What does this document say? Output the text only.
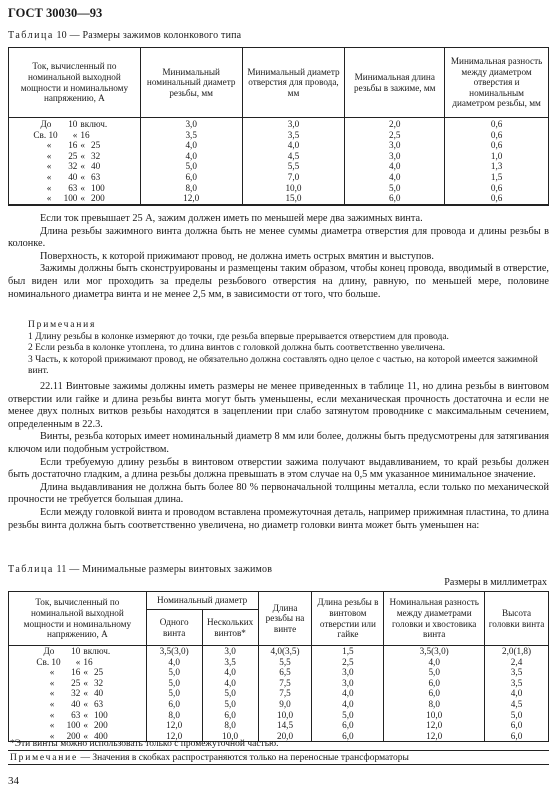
ГОСТ 30030—93
Таблица 10 — Размеры зажимов колонкового типа
Ток, вычисленный по номинальной выходной мощности и номинальному напряжению, А	Минимальный номинальный диаметр резьбы, мм	Минимальный диаметр отверстия для провода, мм	Минимальная длина резьбы в зажиме, мм	Минимальная разность между диаметром отверстия и номинальным диаметром резьбы, мм
До 10 включ.	3,0	3,0	2,0	0,6
Св. 10 « 16	3,5	3,5	2,5	0,6
« 16 « 25	4,0	4,0	3,0	0,6
« 25 « 32	4,0	4,5	3,0	1,0
« 32 « 40	5,0	5,5	4,0	1,3
« 40 « 63	6,0	7,0	4,0	1,5
« 63 « 100	8,0	10,0	5,0	0,6
« 100 « 200	12,0	15,0	6,0	0,6

Если ток превышает 25 А, зажим должен иметь по меньшей мере два зажимных винта.

Длина резьбы зажимного винта должна быть не менее суммы диаметра отверстия для провода и длины резьбы в колонке.

Поверхность, к которой прижимают провод, не должна иметь острых вмятин и выступов.

Зажимы должны быть сконструированы и размещены таким образом, чтобы конец провода, вводимый в отверстие, был виден или мог проходить за пределы резьбового отверстия на длину, равную, по меньшей мере, половине номинального диаметра винта и не менее 2,5 мм, в зависимости от того, что больше.

Примечания
1 Длину резьбы в колонке измеряют до точки, где резьба впервые прерывается отверстием для провода.
2 Если резьба в колонке утоплена, то длина винтов с головкой должна быть соответственно увеличена.
3 Часть, к которой прижимают провод, не обязательно должна составлять одно целое с частью, на которой имеется зажимной винт.

22.11 Винтовые зажимы должны иметь размеры не менее приведенных в таблице 11, но длина резьбы в винтовом отверстии или гайке и длина резьбы винта могут быть уменьшены, если механическая прочность достаточна и если не менее двух полных витков резьбы находятся в зацеплении при слабо затянутом проводнике с максимальным сечением, определенным в 22.3.

Винты, резьба которых имеет номинальный диаметр 8 мм или более, должны быть предусмотрены для затягивания ключом или подобным устройством.

Если требуемую длину резьбы в винтовом отверстии зажима получают выдавливанием, то край резьбы должен быть достаточно гладким, а длина резьбы должна превышать в этом случае на 0,5 мм указанное минимальное значение.

Длина выдавливания не должна быть более 80 % первоначальной толщины металла, если только по механической прочности не требуется большая длина.

Если между головкой винта и проводом вставлена промежуточная деталь, например прижимная пластина, то длина резьбы винта должна быть соответственно увеличена, но диаметр головки винта может быть уменьшен на:

Таблица 11 — Минимальные размеры винтовых зажимов
Размеры в миллиметрах
Ток, вычисленный по номинальной выходной мощности и номинальному напряжению, А	Номинальный диаметр		Длина резьбы на винте	Длина резьбы в винтовом отверстии или гайке	Номинальная разность между диаметрами головки и хвостовика винта	Высота головки винта
	Одного винта	Нескольких винтов*				
До 10 включ.	3,5(3,0)	3,0	4,0(3,5)	1,5	3,5(3,0)	2,0(1,8)
Св. 10 « 16	4,0	3,5	5,5	2,5	4,0	2,4
« 16 « 25	5,0	4,0	6,5	3,0	5,0	3,5
« 25 « 32	5,0	4,0	7,5	3,0	6,0	3,5
« 32 « 40	5,0	5,0	7,5	4,0	6,0	4,0
« 40 « 63	6,0	5,0	9,0	4,0	8,0	4,5
« 63 « 100	8,0	6,0	10,0	5,0	10,0	5,0
« 100 « 200	12,0	8,0	14,5	6,0	12,0	6,0
« 200 « 400	12,0	10,0	20,0	6,0	12,0	6,0
*Эти винты можно использовать только с промежуточной частью.
Примечание — Значения в скобках распространяются только на переносные трансформаторы
34
